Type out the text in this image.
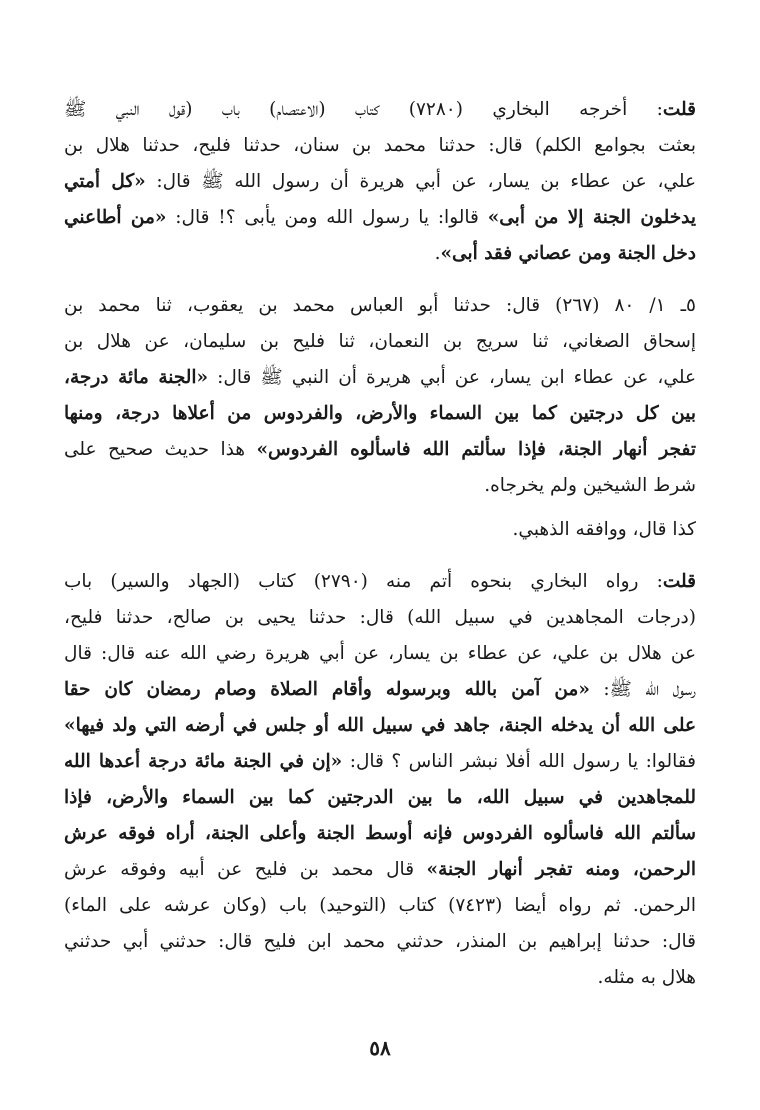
قلت: أخرجه البخاري (٧٢٨٠) كتاب (الاعتصام) باب (قول النبي ﷺ
بعثت بجوامع الكلم) قال: حدثنا محمد بن سنان، حدثنا فليح، حدثنا هلال بن
علي، عن عطاء بن يسار، عن أبي هريرة أن رسول الله ﷺ قال: «كل أمتي
يدخلون الجنة إلا من أبى» قالوا: يا رسول الله ومن يأبى ؟! قال: «من أطاعني
دخل الجنة ومن عصاني فقد أبى».
٥ـ ١/ ٨٠ (٢٦٧) قال: حدثنا أبو العباس محمد بن يعقوب، ثنا محمد بن
إسحاق الصغاني، ثنا سريج بن النعمان، ثنا فليح بن سليمان، عن هلال بن
علي، عن عطاء ابن يسار، عن أبي هريرة أن النبي ﷺ قال: «الجنة مائة درجة،
بين كل درجتين كما بين السماء والأرض، والفردوس من أعلاها درجة، ومنها
تفجر أنهار الجنة، فإذا سألتم الله فاسألوه الفردوس» هذا حديث صحيح على
شرط الشيخين ولم يخرجاه.
كذا قال، ووافقه الذهبي.
قلت: رواه البخاري بنحوه أتم منه (٢٧٩٠) كتاب (الجهاد والسير) باب
(درجات المجاهدين في سبيل الله) قال: حدثنا يحيى بن صالح، حدثنا فليح،
عن هلال بن علي، عن عطاء بن يسار، عن أبي هريرة رضي الله عنه قال: قال
رسول الله ﷺ: «من آمن بالله وبرسوله وأقام الصلاة وصام رمضان كان حقا
على الله أن يدخله الجنة، جاهد في سبيل الله أو جلس في أرضه التي ولد فيها»
فقالوا: يا رسول الله أفلا نبشر الناس ؟ قال: «إن في الجنة مائة درجة أعدها الله
للمجاهدين في سبيل الله، ما بين الدرجتين كما بين السماء والأرض، فإذا
سألتم الله فاسألوه الفردوس فإنه أوسط الجنة وأعلى الجنة، أراه فوقه عرش
الرحمن، ومنه تفجر أنهار الجنة» قال محمد بن فليح عن أبيه وفوقه عرش
الرحمن. ثم رواه أيضا (٧٤٢٣) كتاب (التوحيد) باب (وكان عرشه على الماء)
قال: حدثنا إبراهيم بن المنذر، حدثني محمد ابن فليح قال: حدثني أبي حدثني
هلال به مثله.
٥٨
